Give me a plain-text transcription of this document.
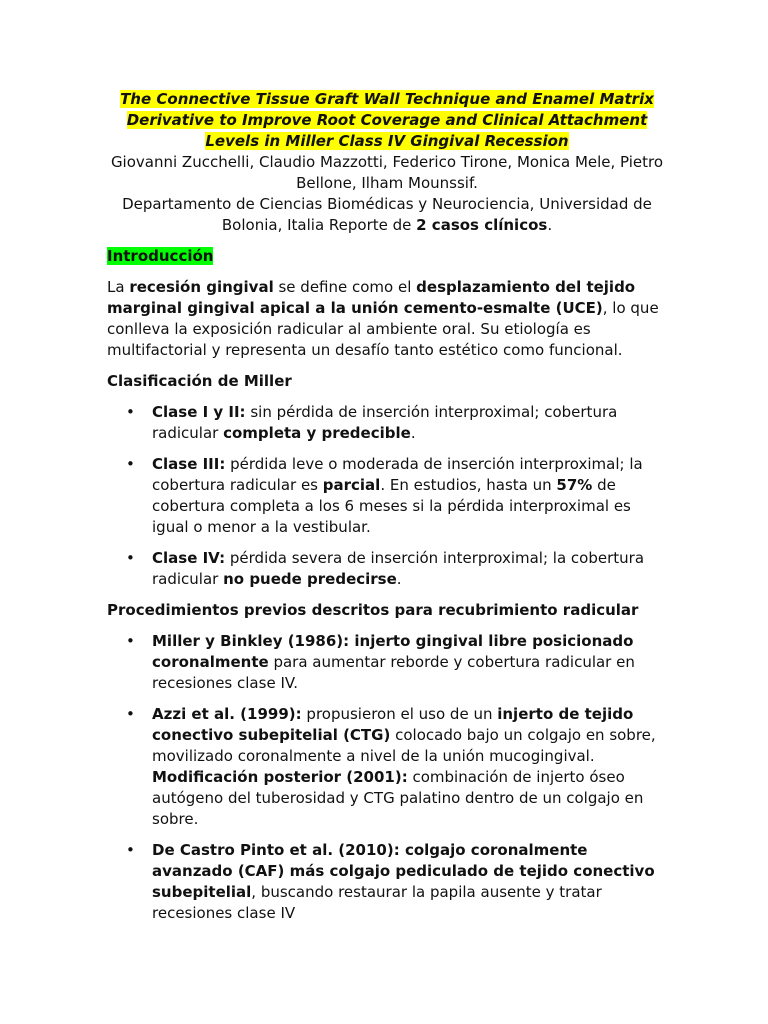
The Connective Tissue Graft Wall Technique and Enamel Matrix
Derivative to Improve Root Coverage and Clinical Attachment
Levels in Miller Class IV Gingival Recession
Giovanni Zucchelli, Claudio Mazzotti, Federico Tirone, Monica Mele, Pietro Bellone, Ilham Mounssif.
Departamento de Ciencias Biomédicas y Neurociencia, Universidad de Bolonia, Italia Reporte de 2 casos clínicos.

Introducción

La recesión gingival se define como el desplazamiento del tejido marginal gingival apical a la unión cemento-esmalte (UCE), lo que conlleva la exposición radicular al ambiente oral. Su etiología es multifactorial y representa un desafío tanto estético como funcional.

Clasificación de Miller

• Clase I y II: sin pérdida de inserción interproximal; cobertura radicular completa y predecible.
• Clase III: pérdida leve o moderada de inserción interproximal; la cobertura radicular es parcial. En estudios, hasta un 57% de cobertura completa a los 6 meses si la pérdida interproximal es igual o menor a la vestibular.
• Clase IV: pérdida severa de inserción interproximal; la cobertura radicular no puede predecirse.

Procedimientos previos descritos para recubrimiento radicular

• Miller y Binkley (1986): injerto gingival libre posicionado coronalmente para aumentar reborde y cobertura radicular en recesiones clase IV.
• Azzi et al. (1999): propusieron el uso de un injerto de tejido conectivo subepitelial (CTG) colocado bajo un colgajo en sobre, movilizado coronalmente a nivel de la unión mucogingival. Modificación posterior (2001): combinación de injerto óseo autógeno del tuberosidad y CTG palatino dentro de un colgajo en sobre.
• De Castro Pinto et al. (2010): colgajo coronalmente avanzado (CAF) más colgajo pediculado de tejido conectivo subepitelial, buscando restaurar la papila ausente y tratar recesiones clase IV
